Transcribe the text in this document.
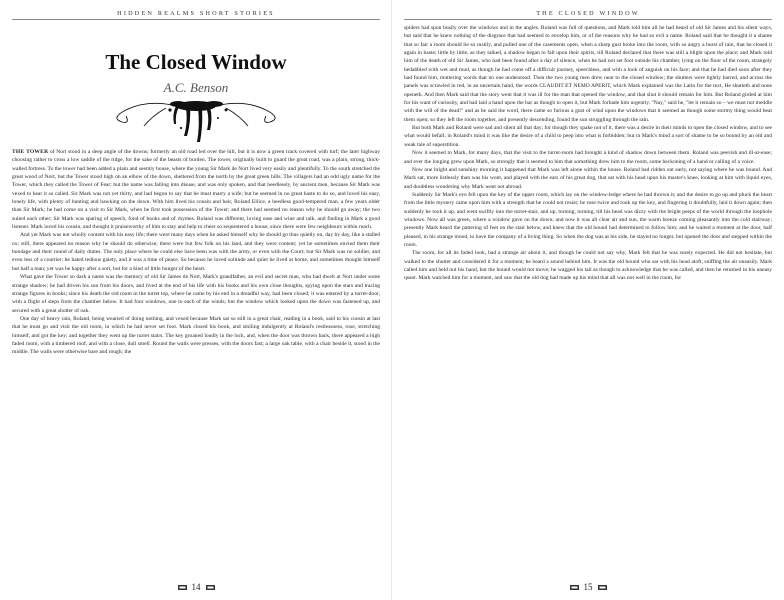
HIDDEN REALMS SHORT STORIES
The Closed Window
A.C. Benson

THE TOWER of Nort stood in a deep angle of the downs; formerly an old road led over the hill, but it is now a green track covered with turf; the later highway choosing rather to cross a low saddle of the ridge, for the sake of the beasts of burden. The tower, originally built to guard the great road, was a plain, strong, thick-walled fortress. To the tower had been added a plain and seemly house, where the young Sir Mark de Nort lived very easily and plentifully. To the south stretched the great wood of Nort, but the Tower stood high on an elbow of the down, sheltered from the north by the great green hills. The villagers had an odd ugly name for the Tower, which they called the Tower of Fear; but the name was falling into disuse, and was only spoken, and that heedlessly, by ancient men, because Sir Mark was vexed to hear it so called. Sir Mark was not yet thirty, and had begun to say that he must marry a wife; but he seemed in no great haste to do so, and loved his easy, lonely life, with plenty of hunting and hawking on the down. With him lived his cousin and heir, Roland Ellice, a heedless good-tempered man, a few years older than Sir Mark; he had come on a visit to Sir Mark, when he first took possession of the Tower; and there had seemed no reason why he should go away; the two suited each other; Sir Mark was sparing of speech, fond of books and of rhymes. Roland was different, loving ease and wine and talk, and finding in Mark a good listener. Mark loved his cousin, and thought it praiseworthy of him to stay and help to cheer so sequestered a house, since there were few neighbours within reach.

And yet Mark was not wholly content with his easy life; there were many days when he asked himself why he should go thus quietly on, day by day, like a stalled ox; still, there appeared no reason why he should do otherwise; there were but few folk on his land, and they were content; yet he sometimes envied them their bondage and their round of daily duties. The only place where he could else have been was with the army, or even with the Court; but Sir Mark was no soldier, and even less of a courtier; he hated tedious gaiety, and it was a time of peace. So because he loved solitude and quiet he lived at home, and sometimes thought himself but half a man; yet was he happy after a sort, but for a kind of little hunger of the heart.

What gave the Tower so dark a name was the memory of old Sir James de Nort, Mark's grandfather, an evil and secret man, who had dwelt at Nort under some strange shadow; he had driven his son from his doors, and lived at the end of his life with his books and his own close thoughts, spying upon the stars and tracing strange figures in books; since his death the old room in the turret top, where he came by his end in a dreadful way, had been closed; it was entered by a turret-door, with a flight of steps from the chamber below. It had four windows, one to each of the winds; but the window which looked upon the down was fastened up, and secured with a great shutter of oak.

One day of heavy rain, Roland, being wearied of doing nothing, and vexed because Mark sat so still in a great chair, reading in a book, said to his cousin at last that he must go and visit the old room, in which he had never set foot. Mark closed his book, and smiling indulgently at Roland's restlessness, rose, stretching himself, and got the key; and together they went up the turret stairs. The key groaned loudly in the lock, and, when the door was thrown back, there appeared a high faded room, with a timbered roof, and with a close, dull smell. Round the walls were presses, with the doors fast; a large oak table, with a chair beside it, stood in the middle. The walls were otherwise bare and rough; the

14
THE CLOSED WINDOW

spiders had spun busily over the windows and in the angles. Roland was full of questions, and Mark told him all he had heard of old Sir James and his silent ways, but said that he knew nothing of the disgrace that had seemed to envelop him, or of the reasons why he had so evil a name. Roland said that he thought it a shame that so fair a room should lie so rustily, and pulled one of the casements open, when a sharp gust broke into the room, with so angry a burst of rain, that he closed it again in haste; little by little, as they talked, a shadow began to fall upon their spirits, till Roland declared that there was still a blight upon the place; and Mark told him of the death of old Sir James, who had been found after a day of silence, when he had not set foot outside his chamber, lying on the floor of the room, strangely bedabbled with wet and mud, as though he had come off a difficult journey, speechless, and with a look of anguish on his face; and that he had died soon after they had found him, muttering words that no one understood. Then the two young men drew near to the closed window; the shutters were tightly barred, and across the panels was scrawled in red, in an uncertain hand, the words CLAUDIT ET NEMO APERIT, which Mark explained was the Latin for the text, He shutteth and none openeth. And then Mark said that the story went that it was ill for the man that opened the window, and that shut it should remain for him. But Roland girded at him for his want of curiosity, and had laid a hand upon the bar as though to open it, but Mark forbade him urgently. "Nay," said he, "let it remain so – we must not meddle with the will of the dead!" and as he said the word, there came so furious a gust of wind upon the windows that it seemed as though some stormy thing would beat them open; so they left the room together, and presently descending, found the sun struggling through the rain.

But both Mark and Roland were sad and silent all that day; for though they spake not of it, there was a desire in their minds to open the closed window, and to see what would befall; in Roland's mind it was like the desire of a child to peep into what is forbidden; but in Mark's mind a sort of shame to be so bound by an old and weak tale of superstition.

Now it seemed to Mark, for many days, that the visit to the turret-room had brought a kind of shadow down between them. Roland was peevish and ill-at-ease; and ever the longing grew upon Mark, so strongly that it seemed to him that something drew him to the room, some beckoning of a hand or calling of a voice.

Now one bright and sunshiny morning it happened that Mark was left alone within the house. Roland had ridden out early, not saying where he was bound. And Mark sat, more listlessly than was his wont, and played with the ears of his great dog, that sat with his head upon his master's knee, looking at him with liquid eyes, and doubtless wondering why Mark went not abroad.

Suddenly Sir Mark's eye fell upon the key of the upper room, which lay on the window-ledge where he had thrown it; and the desire to go up and pluck the heart from the little mystery came upon him with a strength that he could not resist; he rose twice and took up the key, and fingering it doubtfully, laid it down again; then suddenly he took it up, and went swiftly into the turret-stair, and up, turning, turning, till his head was dizzy with the bright peeps of the world through the loophole windows. Now all was green, where a window gave on the down; and now it was all clear air and sun, the warm breeze coming pleasantly into the cold stairway; presently Mark heard the pattering of feet on the stair below, and knew that the old hound had determined to follow him; and he waited a moment at the door, half pleased, in his strange mood, to have the company of a living thing. So when the dog was at his side, he stayed no longer, but opened the door and stepped within the room.

The room, for all its faded look, had a strange air about it, and though he could not say why, Mark felt that he was surely expected. He did not hesitate, but walked to the shutter and considered it for a moment; he heard a sound behind him. It was the old hound who sat with his head aloft, sniffing the air uneasily. Mark called him and held out his hand, but the hound would not move; he wagged his tail as though to acknowledge that he was called, and then he returned to his uneasy quest. Mark watched him for a moment, and saw that the old dog had made up his mind that all was not well in the room, for

15
